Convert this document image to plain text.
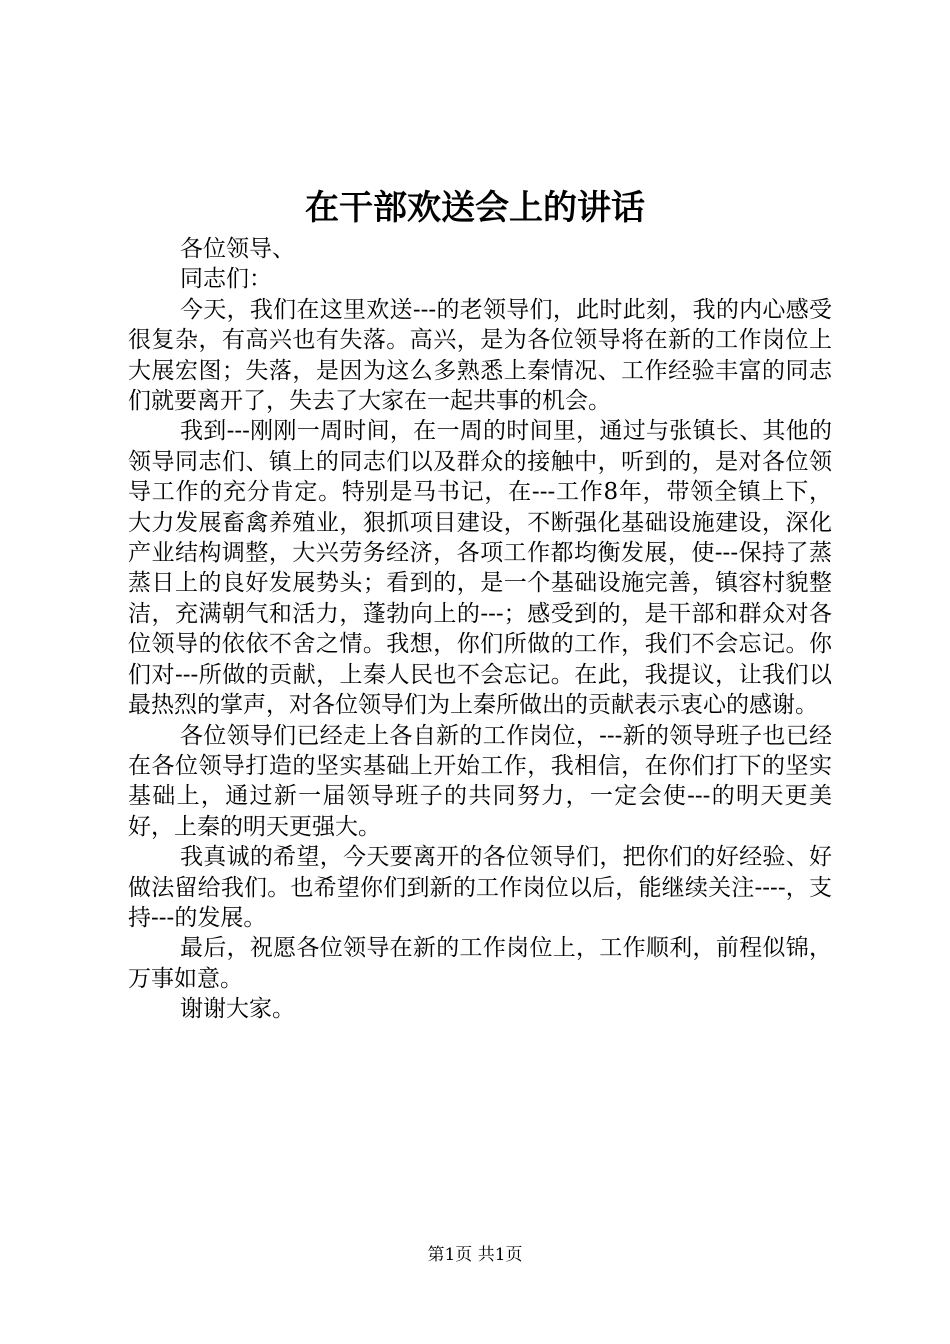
在干部欢送会上的讲话

各位领导、

同志们：

今天，我们在这里欢送---的老领导们，此时此刻，我的内心感受很复杂，有高兴也有失落。高兴，是为各位领导将在新的工作岗位上大展宏图；失落，是因为这么多熟悉上秦情况、工作经验丰富的同志们就要离开了，失去了大家在一起共事的机会。

我到---刚刚一周时间，在一周的时间里，通过与张镇长、其他的领导同志们、镇上的同志们以及群众的接触中，听到的，是对各位领导工作的充分肯定。特别是马书记，在---工作8年，带领全镇上下，大力发展畜禽养殖业，狠抓项目建设，不断强化基础设施建设，深化产业结构调整，大兴劳务经济，各项工作都均衡发展，使---保持了蒸蒸日上的良好发展势头；看到的，是一个基础设施完善，镇容村貌整洁，充满朝气和活力，蓬勃向上的---；感受到的，是干部和群众对各位领导的依依不舍之情。我想，你们所做的工作，我们不会忘记。你们对---所做的贡献，上秦人民也不会忘记。在此，我提议，让我们以最热烈的掌声，对各位领导们为上秦所做出的贡献表示衷心的感谢。

各位领导们已经走上各自新的工作岗位，---新的领导班子也已经在各位领导打造的坚实基础上开始工作，我相信，在你们打下的坚实基础上，通过新一届领导班子的共同努力，一定会使---的明天更美好，上秦的明天更强大。

我真诚的希望，今天要离开的各位领导们，把你们的好经验、好做法留给我们。也希望你们到新的工作岗位以后，能继续关注----，支持---的发展。

最后，祝愿各位领导在新的工作岗位上，工作顺利，前程似锦，万事如意。

谢谢大家。

第1页 共1页
